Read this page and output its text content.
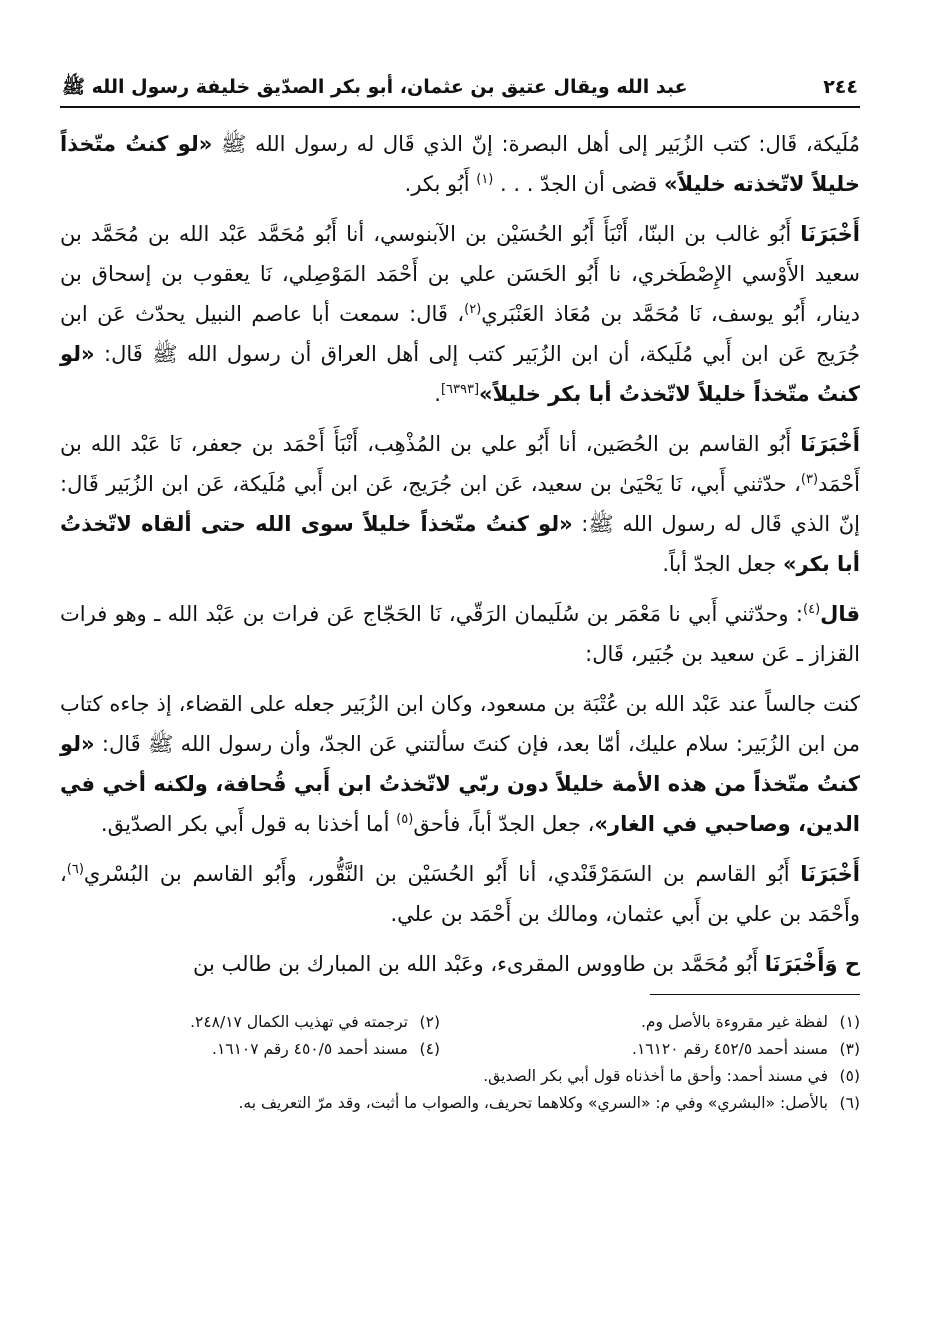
٢٤٤
عبد الله ويقال عتيق بن عثمان، أبو بكر الصدّيق خليفة رسول الله ﷺ

مُلَيكة، قَال: كتب الزُبَير إلى أهل البصرة: إنّ الذي قَال له رسول الله ﷺ «لو كنتُ متّخذاً خليلاً لاتّخذته خليلاً» قضى أن الجدّ . . . $^{(١)}$ أَبُو بكر.

أَخْبَرَنَا أَبُو غالب بن البنّا، أَنْبَأَ أَبُو الحُسَيْن بن الآبنوسي، أنا أَبُو مُحَمَّد عَبْد الله بن مُحَمَّد بن سعيد الأَوْسي الإِصْطَخري، نا أَبُو الحَسَن علي بن أَحْمَد المَوْصِلي، نَا يعقوب بن إسحاق بن دينار، أَبُو يوسف، نَا مُحَمَّد بن مُعَاذ العَنْبَري$^{(٢)}$، قَال: سمعت أبا عاصم النبيل يحدّث عَن ابن جُرَيج عَن ابن أَبي مُلَيكة، أن ابن الزُبَير كتب إلى أهل العراق أن رسول الله ﷺ قَال: «لو كنتُ متّخذاً خليلاً لاتّخذتُ أبا بكر خليلاً»[٦٣٩٣].

أَخْبَرَنَا أَبُو القاسم بن الحُصَين، أنا أَبُو علي بن المُذْهِب، أَنْبَأَ أَحْمَد بن جعفر، نَا عَبْد الله بن أَحْمَد$^{(٣)}$، حدّثني أَبي، نَا يَحْيَىٰ بن سعيد، عَن ابن جُرَيج، عَن ابن أَبي مُلَيكة، عَن ابن الزُبَير قَال: إنّ الذي قَال له رسول الله ﷺ: «لو كنتُ متّخذاً خليلاً سوى الله حتى ألقاه لاتّخذتُ أبا بكر» جعل الجدّ أباً.

قال$^{(٤)}$: وحدّثني أَبي نا مَعْمَر بن سُلَيمان الرَقّي، نَا الحَجّاج عَن فرات بن عَبْد الله ـ وهو فرات القزاز ـ عَن سعيد بن جُبَير، قَال:

كنت جالساً عند عَبْد الله بن عُتْبَة بن مسعود، وكان ابن الزُبَير جعله على القضاء، إذ جاءه كتاب من ابن الزُبَير: سلام عليك، أمّا بعد، فإن كنتَ سألتني عَن الجدّ، وأن رسول الله ﷺ قَال: «لو كنتُ متّخذاً من هذه الأمة خليلاً دون ربّي لاتّخذتُ ابن أَبي قُحافة، ولكنه أخي في الدين، وصاحبي في الغار»، جعل الجدّ أباً، فأحق$^{(٥)}$ أما أخذنا به قول أَبي بكر الصدّيق.

أَخْبَرَنَا أَبُو القاسم بن السَمَرْقَنْدي، أنا أَبُو الحُسَيْن بن النَّقُّور، وأَبُو القاسم بن البُسْري$^{(٦)}$، وأَحْمَد بن علي بن أَبي عثمان، ومالك بن أَحْمَد بن علي.

ح وَأَخْبَرَنَا أَبُو مُحَمَّد بن طاووس المقرىء، وعَبْد الله بن المبارك بن طالب بن

(١)لفظة غير مقروءة بالأصل وم.
(٢)ترجمته في تهذيب الكمال ٢٤٨/١٧.
(٣)مسند أحمد ٤٥٢/٥ رقم ١٦١٢٠.
(٤)مسند أحمد ٤٥٠/٥ رقم ١٦١٠٧.
(٥)في مسند أحمد: وأحق ما أخذناه قول أبي بكر الصديق.
(٦)بالأصل: «البشري» وفي م: «السري» وكلاهما تحريف، والصواب ما أثبت، وقد مرّ التعريف به.
